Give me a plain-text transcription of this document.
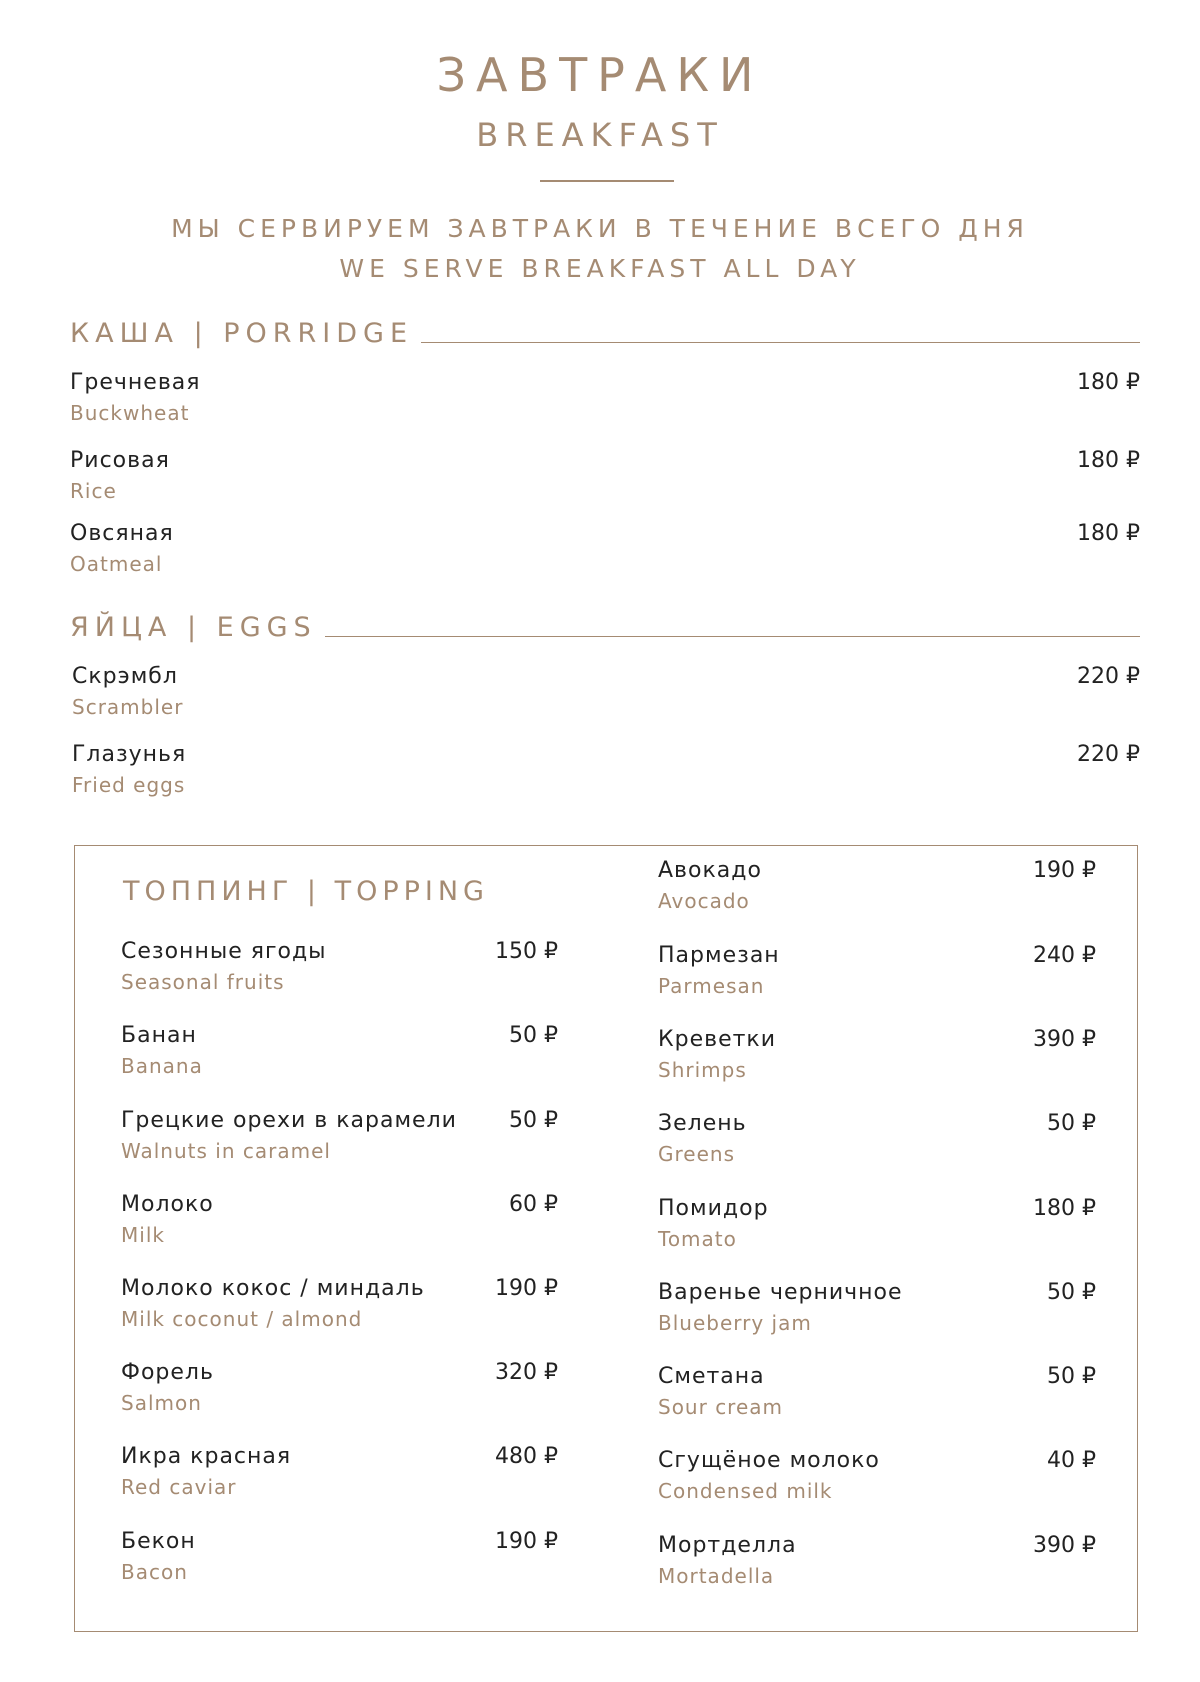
ЗАВТРАКИ
BREAKFAST
МЫ СЕРВИРУЕМ ЗАВТРАКИ В ТЕЧЕНИЕ ВСЕГО ДНЯ
WE SERVE BREAKFAST ALL DAY
КАША | PORRIDGE
Гречневая
Buckwheat
180 ₽
Рисовая
Rice
180 ₽
Овсяная
Oatmeal
180 ₽
ЯЙЦА | EGGS
Скрэмбл
Scrambler
220 ₽
Глазунья
Fried eggs
220 ₽
ТОППИНГ | TOPPING
Сезонные ягоды
Seasonal fruits
150 ₽
Банан
Banana
50 ₽
Грецкие орехи в карамели
Walnuts in caramel
50 ₽
Молоко
Milk
60 ₽
Молоко кокос / миндаль
Milk coconut / almond
190 ₽
Форель
Salmon
320 ₽
Икра красная
Red caviar
480 ₽
Бекон
Bacon
190 ₽
Авокадо
Avocado
190 ₽
Пармезан
Parmesan
240 ₽
Креветки
Shrimps
390 ₽
Зелень
Greens
50 ₽
Помидор
Tomato
180 ₽
Варенье черничное
Blueberry jam
50 ₽
Сметана
Sour cream
50 ₽
Сгущёное молоко
Condensed milk
40 ₽
Мортделла
Mortadella
390 ₽
